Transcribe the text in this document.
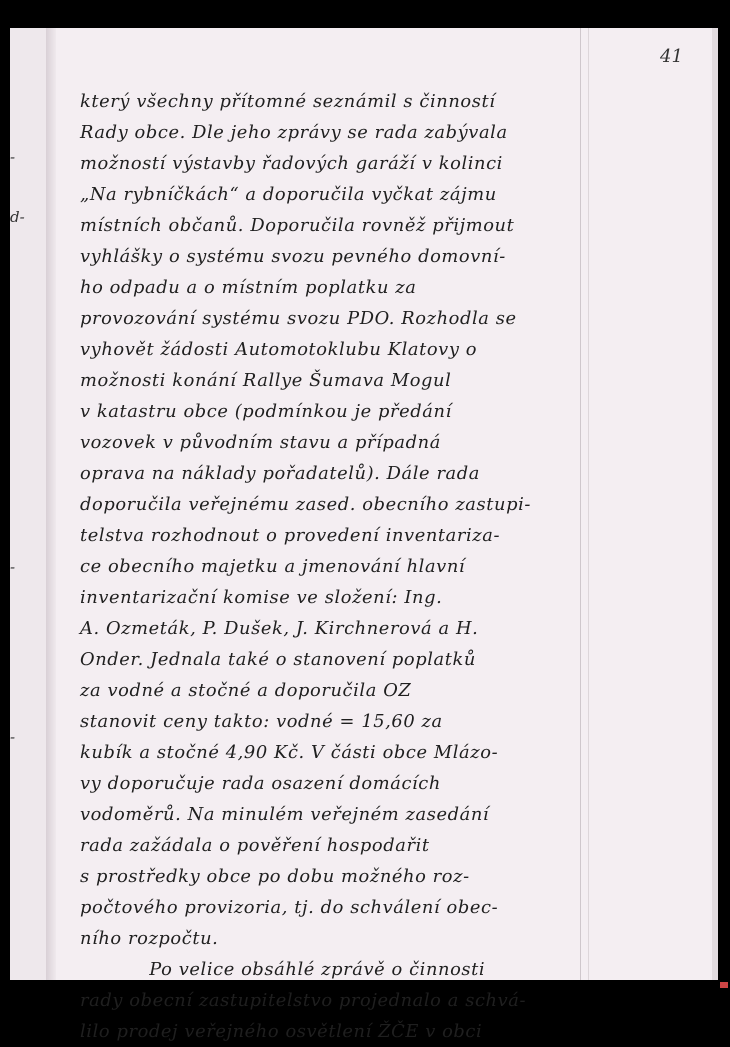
-
d-
-
-
41
který všechny přítomné seznámil s činností
Rady obce. Dle jeho zprávy se rada zabývala
možností výstavby řadových garáží v kolinci
„Na rybníčkách“ a doporučila vyčkat zájmu
místních občanů. Doporučila rovněž přijmout
vyhlášky o systému svozu pevného domovní-
ho odpadu a o místním poplatku za
provozování systému svozu PDO. Rozhodla se
vyhovět žádosti Automotoklubu Klatovy o
možnosti konání Rallye Šumava Mogul
v katastru obce (podmínkou je předání
vozovek v původním stavu a případná
oprava na náklady pořadatelů). Dále rada
doporučila veřejnému zased. obecního zastupi-
telstva rozhodnout o provedení inventariza-
ce obecního majetku a jmenování hlavní
inventarizační komise ve složení: Ing.
A. Ozmeták, P. Dušek, J. Kirchnerová a H.
Onder. Jednala také o stanovení poplatků
za vodné a stočné a doporučila OZ
stanovit ceny takto: vodné = 15,60 za
kubík a stočné 4,90 Kč. V části obce Mlázo-
vy doporučuje rada osazení domácích
vodoměrů. Na minulém veřejném zasedání
rada zažádala o pověření hospodařit
s prostředky obce po dobu možného roz-
počtového provizoria, tj. do schválení obec-
ního rozpočtu.
Po velice obsáhlé zprávě o činnosti
rady obecní zastupitelstvo projednalo a schvá-
lilo prodej veřejného osvětlení ŽČE v obci
